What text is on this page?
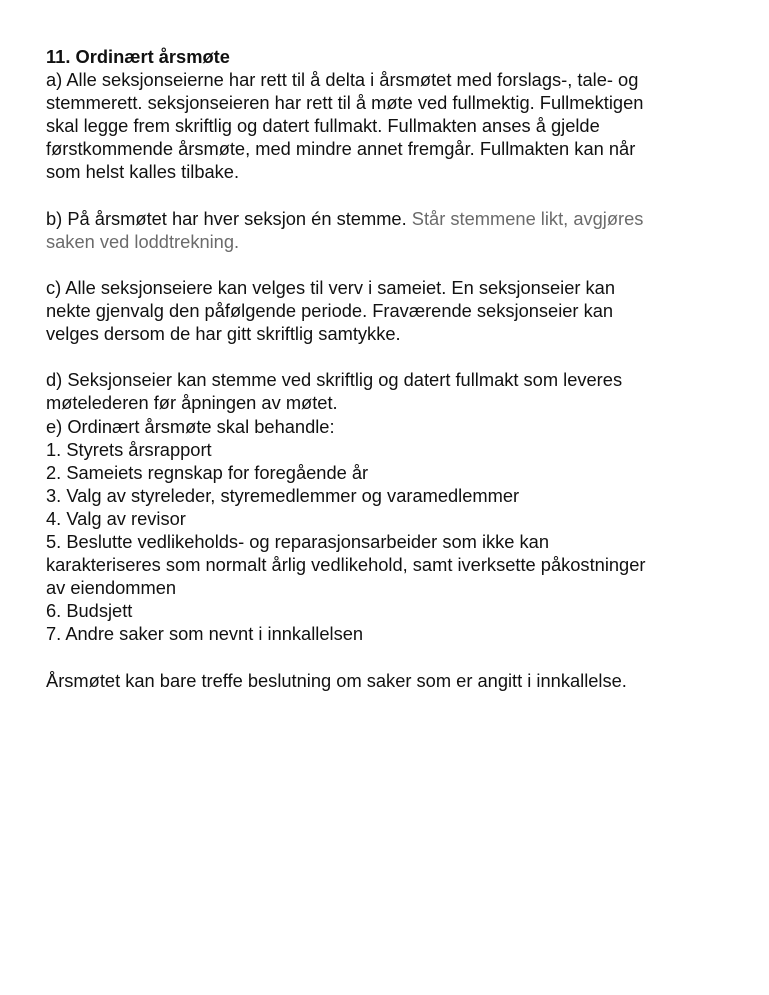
11. Ordinært årsmøte
a) Alle seksjonseierne har rett til å delta i årsmøtet med forslags-, tale- og
stemmerett. seksjonseieren har rett til å møte ved fullmektig. Fullmektigen
skal legge frem skriftlig og datert fullmakt. Fullmakten anses å gjelde
førstkommende årsmøte, med mindre annet fremgår. Fullmakten kan når
som helst kalles tilbake.
b) På årsmøtet har hver seksjon én stemme. Står stemmene likt, avgjøres
saken ved loddtrekning.
c) Alle seksjonseiere kan velges til verv i sameiet. En seksjonseier kan
nekte gjenvalg den påfølgende periode. Fraværende seksjonseier kan
velges dersom de har gitt skriftlig samtykke.
d) Seksjonseier kan stemme ved skriftlig og datert fullmakt som leveres
møtelederen før åpningen av møtet.
e) Ordinært årsmøte skal behandle:
1. Styrets årsrapport
2. Sameiets regnskap for foregående år
3. Valg av styreleder, styremedlemmer og varamedlemmer
4. Valg av revisor
5. Beslutte vedlikeholds- og reparasjonsarbeider som ikke kan
karakteriseres som normalt årlig vedlikehold, samt iverksette påkostninger
av eiendommen
6. Budsjett
7. Andre saker som nevnt i innkallelsen
Årsmøtet kan bare treffe beslutning om saker som er angitt i innkallelse.
